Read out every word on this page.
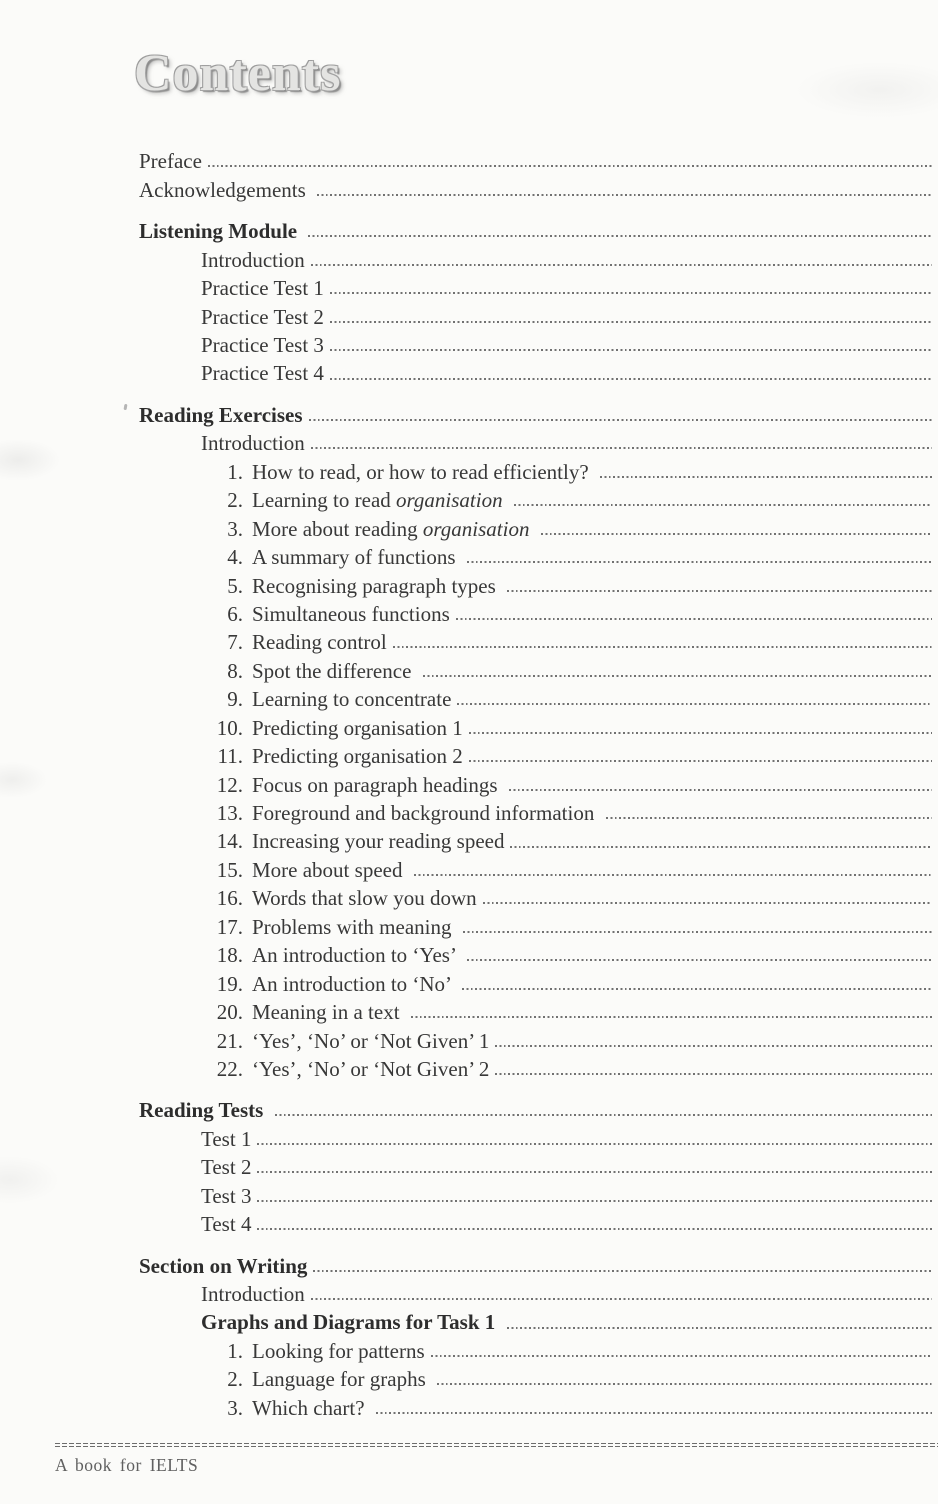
Contents
Preface
Acknowledgements
Listening Module
Introduction
Practice Test 1
Practice Test 2
Practice Test 3
Practice Test 4
Reading Exercises
Introduction
1. How to read, or how to read efficiently?
2. Learning to read organisation
3. More about reading organisation
4. A summary of functions
5. Recognising paragraph types
6. Simultaneous functions
7. Reading control
8. Spot the difference
9. Learning to concentrate
10. Predicting organisation 1
11. Predicting organisation 2
12. Focus on paragraph headings
13. Foreground and background information
14. Increasing your reading speed
15. More about speed
16. Words that slow you down
17. Problems with meaning
18. An introduction to ‘Yes’
19. An introduction to ‘No’
20. Meaning in a text
21. ‘Yes’, ‘No’ or ‘Not Given’ 1
22. ‘Yes’, ‘No’ or ‘Not Given’ 2
Reading Tests
Test 1
Test 2
Test 3
Test 4
Section on Writing
Introduction
Graphs and Diagrams for Task 1
1. Looking for patterns
2. Language for graphs
3. Which chart?
A book for IELTS
